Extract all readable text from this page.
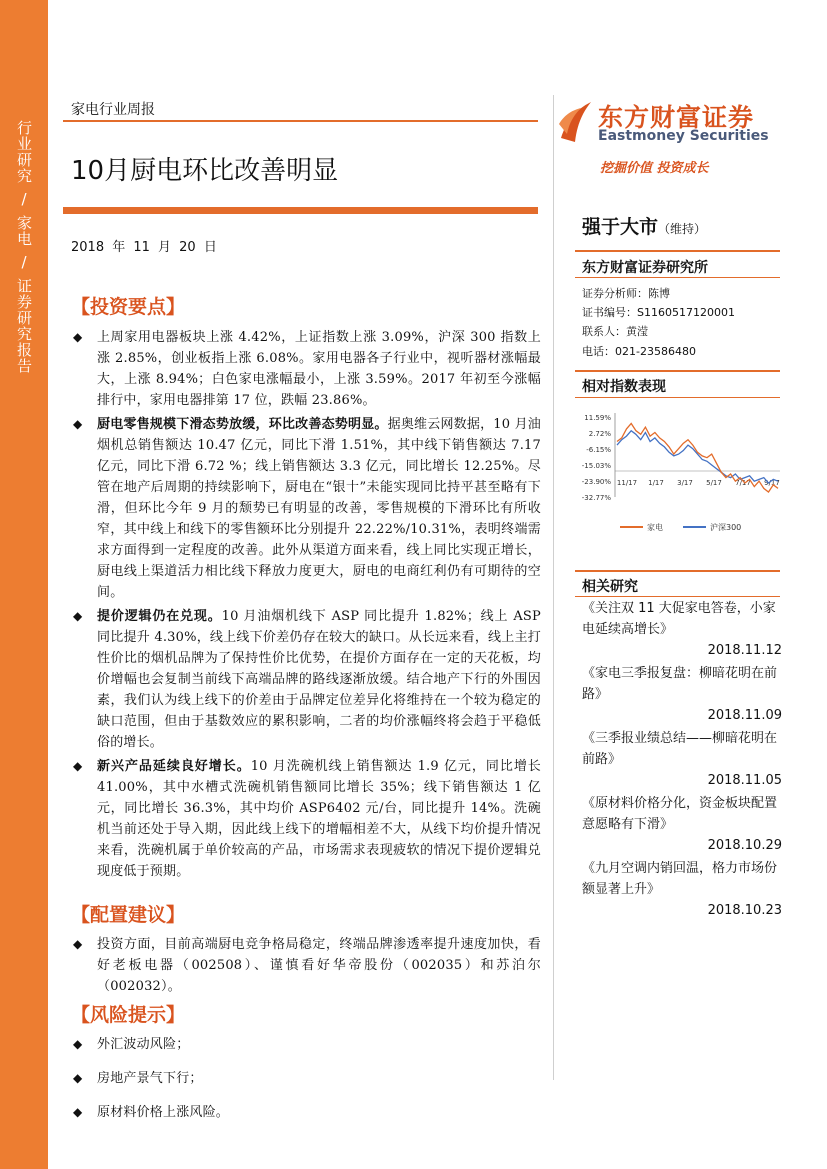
行业研究
/
家电
/
证券研究报告
家电行业周报
10月厨电环比改善明显
2018 年 11 月 20 日
【投资要点】
◆ 上周家用电器板块上涨 4.42%，上证指数上涨 3.09%，沪深 300 指数上涨 2.85%，创业板指上涨 6.08%。家用电器各子行业中，视听器材涨幅最大，上涨 8.94%；白色家电涨幅最小，上涨 3.59%。2017 年初至今涨幅排行中，家用电器排第 17 位，跌幅 23.86%。
◆ 厨电零售规模下滑态势放缓，环比改善态势明显。据奥维云网数据，10 月油烟机总销售额达 10.47 亿元，同比下滑 1.51%，其中线下销售额达 7.17 亿元，同比下滑 6.72 %；线上销售额达 3.3 亿元，同比增长 12.25%。尽管在地产后周期的持续影响下，厨电在“银十”未能实现同比持平甚至略有下滑，但环比今年 9 月的颓势已有明显的改善，零售规模的下滑环比有所收窄，其中线上和线下的零售额环比分别提升 22.22%/10.31%，表明终端需求方面得到一定程度的改善。此外从渠道方面来看，线上同比实现正增长，厨电线上渠道活力相比线下释放力度更大，厨电的电商红利仍有可期待的空间。
◆ 提价逻辑仍在兑现。10 月油烟机线下 ASP 同比提升 1.82%；线上 ASP 同比提升 4.30%，线上线下价差仍存在较大的缺口。从长远来看，线上主打性价比的烟机品牌为了保持性价比优势，在提价方面存在一定的天花板，均价增幅也会复制当前线下高端品牌的路线逐渐放缓。结合地产下行的外围因素，我们认为线上线下的价差由于品牌定位差异化将维持在一个较为稳定的缺口范围，但由于基数效应的累积影响，二者的均价涨幅终将会趋于平稳低俗的增长。
◆ 新兴产品延续良好增长。10 月洗碗机线上销售额达 1.9 亿元，同比增长 41.00%，其中水槽式洗碗机销售额同比增长 35%；线下销售额达 1 亿元，同比增长 36.3%，其中均价 ASP6402 元/台，同比提升 14%。洗碗机当前还处于导入期，因此线上线下的增幅相差不大，从线下均价提升情况来看，洗碗机属于单价较高的产品，市场需求表现疲软的情况下提价逻辑兑现度低于预期。
【配置建议】
◆ 投资方面，目前高端厨电竞争格局稳定，终端品牌渗透率提升速度加快，看好老板电器（002508）、谨慎看好华帝股份（002035）和苏泊尔（002032）。
【风险提示】
◆ 外汇波动风险；
◆ 房地产景气下行；
◆ 原材料价格上涨风险。
东方财富证券
Eastmoney Securities
挖掘价值 投资成长
强于大市（维持）
东方财富证券研究所
证券分析师：陈博
证书编号：S1160517120001
联系人：黄滢
电话：021-23586480
相对指数表现
11.59%
2.72%
-6.15%
-15.03%
-23.90%
-32.77%
11/17 1/17 3/17 5/17 7/17 9/17
家电	沪深300
相关研究
《关注双 11 大促家电答卷，小家电延续高增长》
2018.11.12
《家电三季报复盘：柳暗花明在前路》
2018.11.09
《三季报业绩总结——柳暗花明在前路》
2018.11.05
《原材料价格分化，资金板块配置意愿略有下滑》
2018.10.29
《九月空调内销回温，格力市场份额显著上升》
2018.10.23
